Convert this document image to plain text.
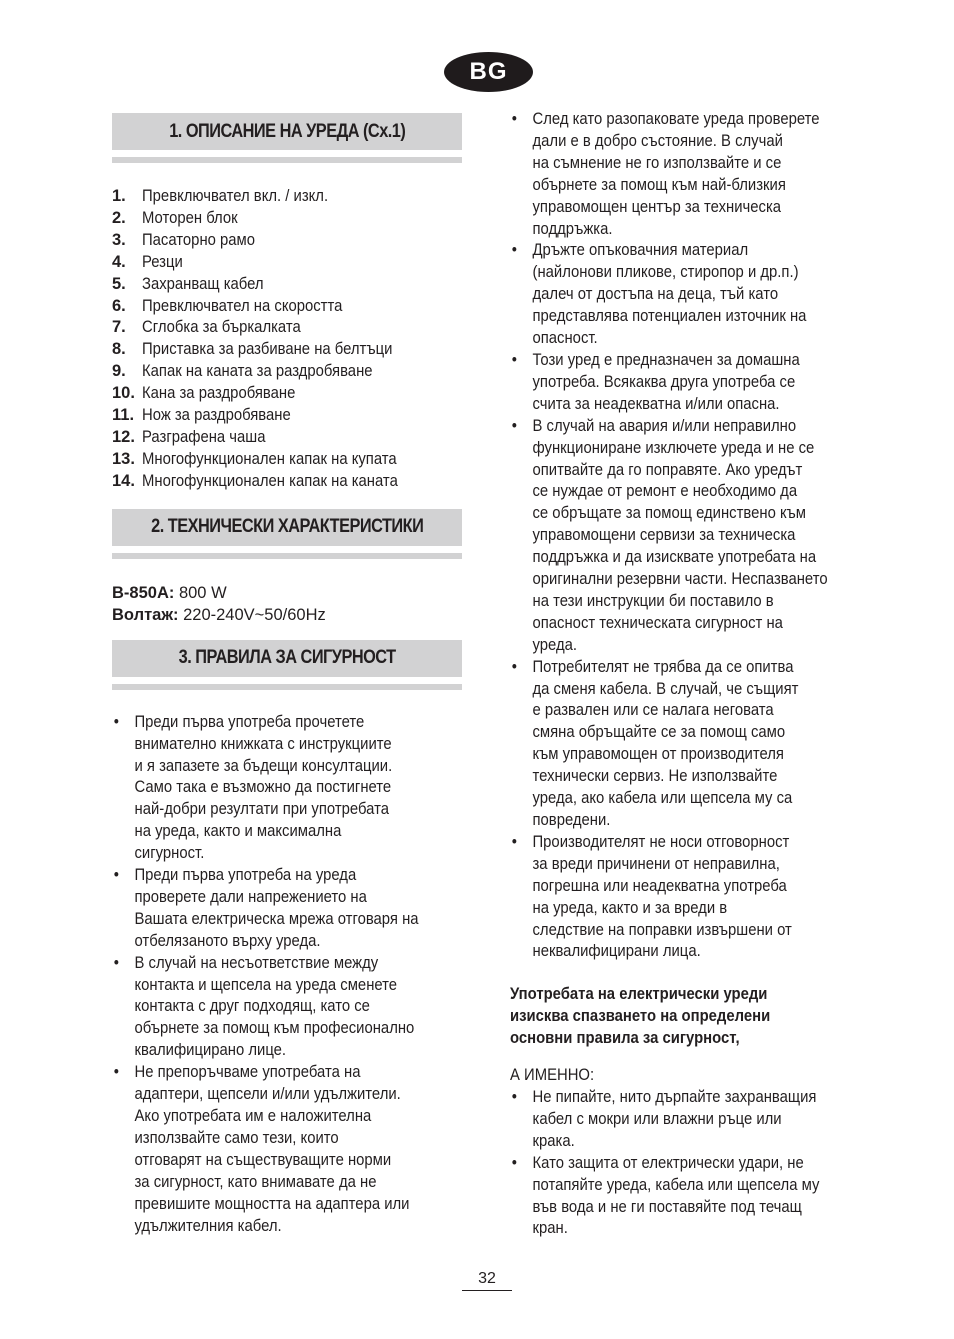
BG
1. ОПИСАНИЕ НА УРЕДА (Cx.1)
1. Превключвател вкл. / изкл.
2. Моторен блок
3. Пасаторно рамо
4. Резци
5. Захранващ кабел
6. Превключвател на скоростта
7. Сглобка за бъркалката
8. Приставка за разбиване на белтъци
9. Капак на каната за раздробяване
10. Кана за раздробяване
11. Нож за раздробяване
12. Разграфена чаша
13. Многофункционален капак на купата
14. Многофункционален капак на каната
2. ТЕХНИЧЕСКИ ХАРАКТЕРИСТИКИ
B-850A: 800 W
Волтаж: 220-240V~50/60Hz
3. ПРАВИЛА ЗА СИГУРНОСТ
• Преди първа употреба прочетете
внимателно книжката с инструкциите
и я запазете за бъдещи консултации.
Само така е възможно да постигнете
най-добри резултати при употребата
на уреда, както и максимална
сигурност.
• Преди първа употреба на уреда
проверете дали напрежението на
Вашата електрическа мрежа отговаря на
отбелязаното върху уреда.
• В случай на несъответствие между
контакта и щепсела на уреда сменете
контакта с друг подходящ, като се
обърнете за помощ към професионално
квалифицирано лице.
• Не препоръчваме употребата на
адаптери, щепсели и/или удължители.
Ако употребата им е наложителна
използвайте само тези, които
отговарят на съществуващите норми
за сигурност, като внимавате да не
превишите мощността на адаптера или
удължителния кабел.
• След като разопаковате уреда проверете
дали е в добро състояние. В случай
на съмнение не го използвайте и се
обърнете за помощ към най-близкия
управомощен център за техническа
поддръжка.
• Дръжте опъковачния материал
(найлонови пликове, стиропор и др.п.)
далеч от достъпа на деца, тъй като
представлява потенциален източник на
опасност.
• Този уред е предназначен за домашна
употреба. Всякаква друга употреба се
счита за неадекватна и/или опасна.
• В случай на авария и/или неправилно
функциониране изключете уреда и не се
опитвайте да го поправяте. Ако уредът
се нуждае от ремонт е необходимо да
се обръщате за помощ единствено към
управомощени сервизи за техническа
поддръжка и да изисквате употребата на
оригинални резервни части. Неспазването
на тези инструкции би поставило в
опасност техническата сигурност на
уреда.
• Потребителят не трябва да се опитва
да сменя кабела. В случай, че същият
е развален или се налага неговата
смяна обръщайте се за помощ само
към управомощен от производителя
технически сервиз. Не използвайте
уреда, ако кабела или щепсела му са
повредени.
• Производителят не носи отговорност
за вреди причинени от неправилна,
погрешна или неадекватна употреба
на уреда, както и за вреди в
следствие на поправки извършени от
неквалифицирани лица.
Употребата на електрически уреди
изисква спазването на определени
основни правила за сигурност,
А ИМЕННО:
• Не пипайте, нито дърпайте захранващия
кабел с мокри или влажни ръце или
крака.
• Като защита от електрически удари, не
потапяйте уреда, кабела или щепсела му
във вода и не ги поставяйте под течащ
кран.
32
